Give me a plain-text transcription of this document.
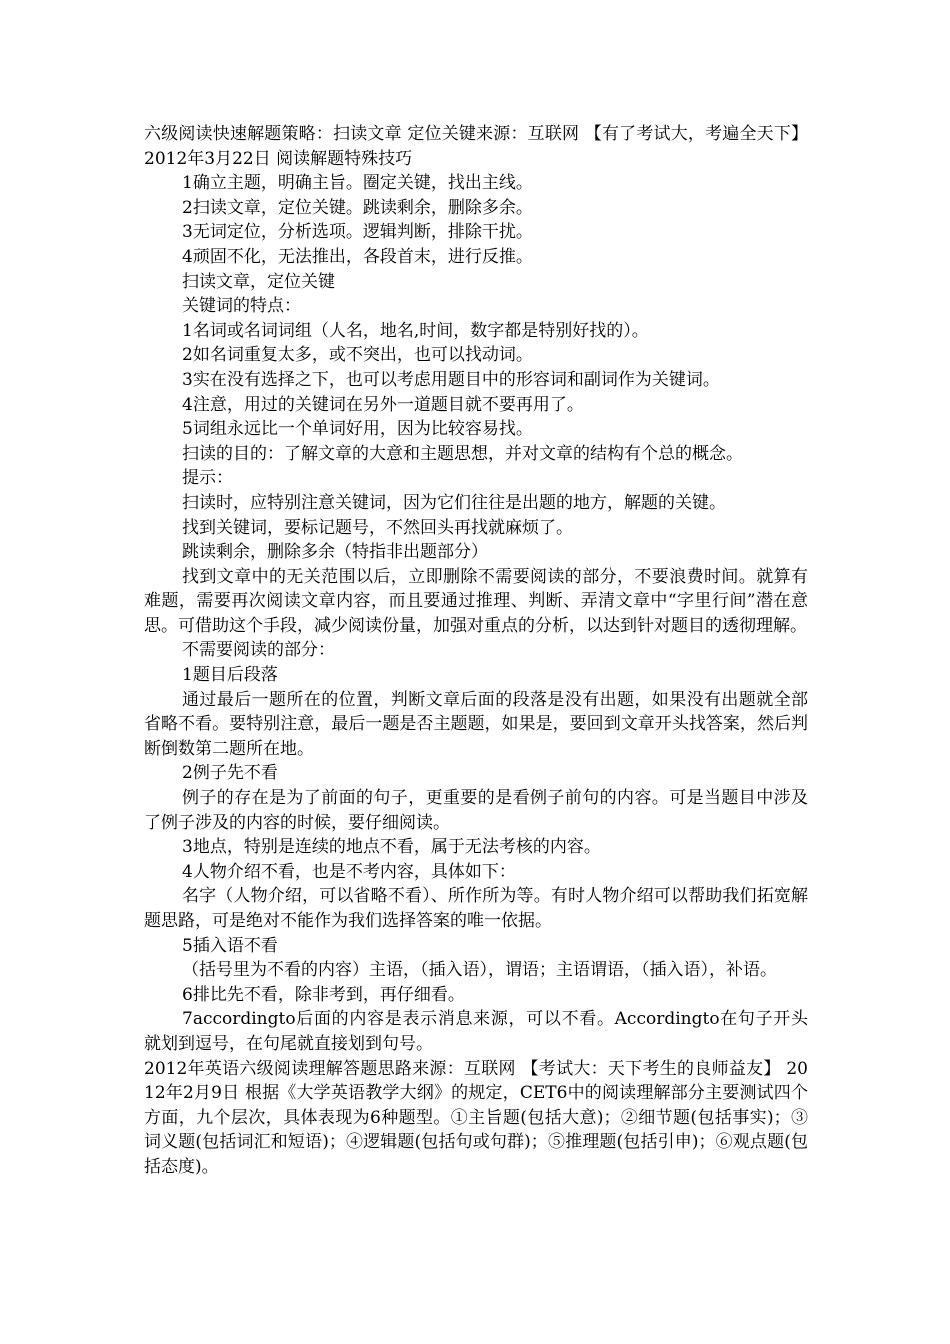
六级阅读快速解题策略：扫读文章 定位关键来源：互联网 【有了考试大，考遍全天下】 2012年3月22日 阅读解题特殊技巧

1确立主题，明确主旨。圈定关键，找出主线。

2扫读文章，定位关键。跳读剩余，删除多余。

3无词定位，分析选项。逻辑判断，排除干扰。

4顽固不化，无法推出，各段首末，进行反推。

扫读文章，定位关键

关键词的特点：

1名词或名词词组（人名，地名,时间，数字都是特别好找的）。

2如名词重复太多，或不突出，也可以找动词。

3实在没有选择之下，也可以考虑用题目中的形容词和副词作为关键词。

4注意，用过的关键词在另外一道题目就不要再用了。

5词组永远比一个单词好用，因为比较容易找。

扫读的目的：了解文章的大意和主题思想，并对文章的结构有个总的概念。

提示：

扫读时，应特别注意关键词，因为它们往往是出题的地方，解题的关键。

找到关键词，要标记题号，不然回头再找就麻烦了。

跳读剩余，删除多余（特指非出题部分）

找到文章中的无关范围以后，立即删除不需要阅读的部分，不要浪费时间。就算有难题，需要再次阅读文章内容，而且要通过推理、判断、弄清文章中“字里行间”潜在意思。可借助这个手段，减少阅读份量，加强对重点的分析，以达到针对题目的透彻理解。

不需要阅读的部分：

1题目后段落

通过最后一题所在的位置，判断文章后面的段落是没有出题，如果没有出题就全部省略不看。要特别注意，最后一题是否主题题，如果是，要回到文章开头找答案，然后判断倒数第二题所在地。

2例子先不看

例子的存在是为了前面的句子，更重要的是看例子前句的内容。可是当题目中涉及了例子涉及的内容的时候，要仔细阅读。

3地点，特别是连续的地点不看，属于无法考核的内容。

4人物介绍不看，也是不考内容，具体如下：

名字（人物介绍，可以省略不看）、所作所为等。有时人物介绍可以帮助我们拓宽解题思路，可是绝对不能作为我们选择答案的唯一依据。

5插入语不看

（括号里为不看的内容）主语，（插入语），谓语；主语谓语，（插入语），补语。

6排比先不看，除非考到，再仔细看。

7accordingto后面的内容是表示消息来源，可以不看。Accordingto在句子开头就划到逗号，在句尾就直接划到句号。

2012年英语六级阅读理解答题思路来源：互联网 【考试大：天下考生的良师益友】 2012年2月9日 根据《大学英语教学大纲》的规定，CET6中的阅读理解部分主要测试四个方面，九个层次，具体表现为6种题型。①主旨题(包括大意)；②细节题(包括事实)；③词义题(包括词汇和短语)；④逻辑题(包括句或句群)；⑤推理题(包括引申)；⑥观点题(包括态度)。
